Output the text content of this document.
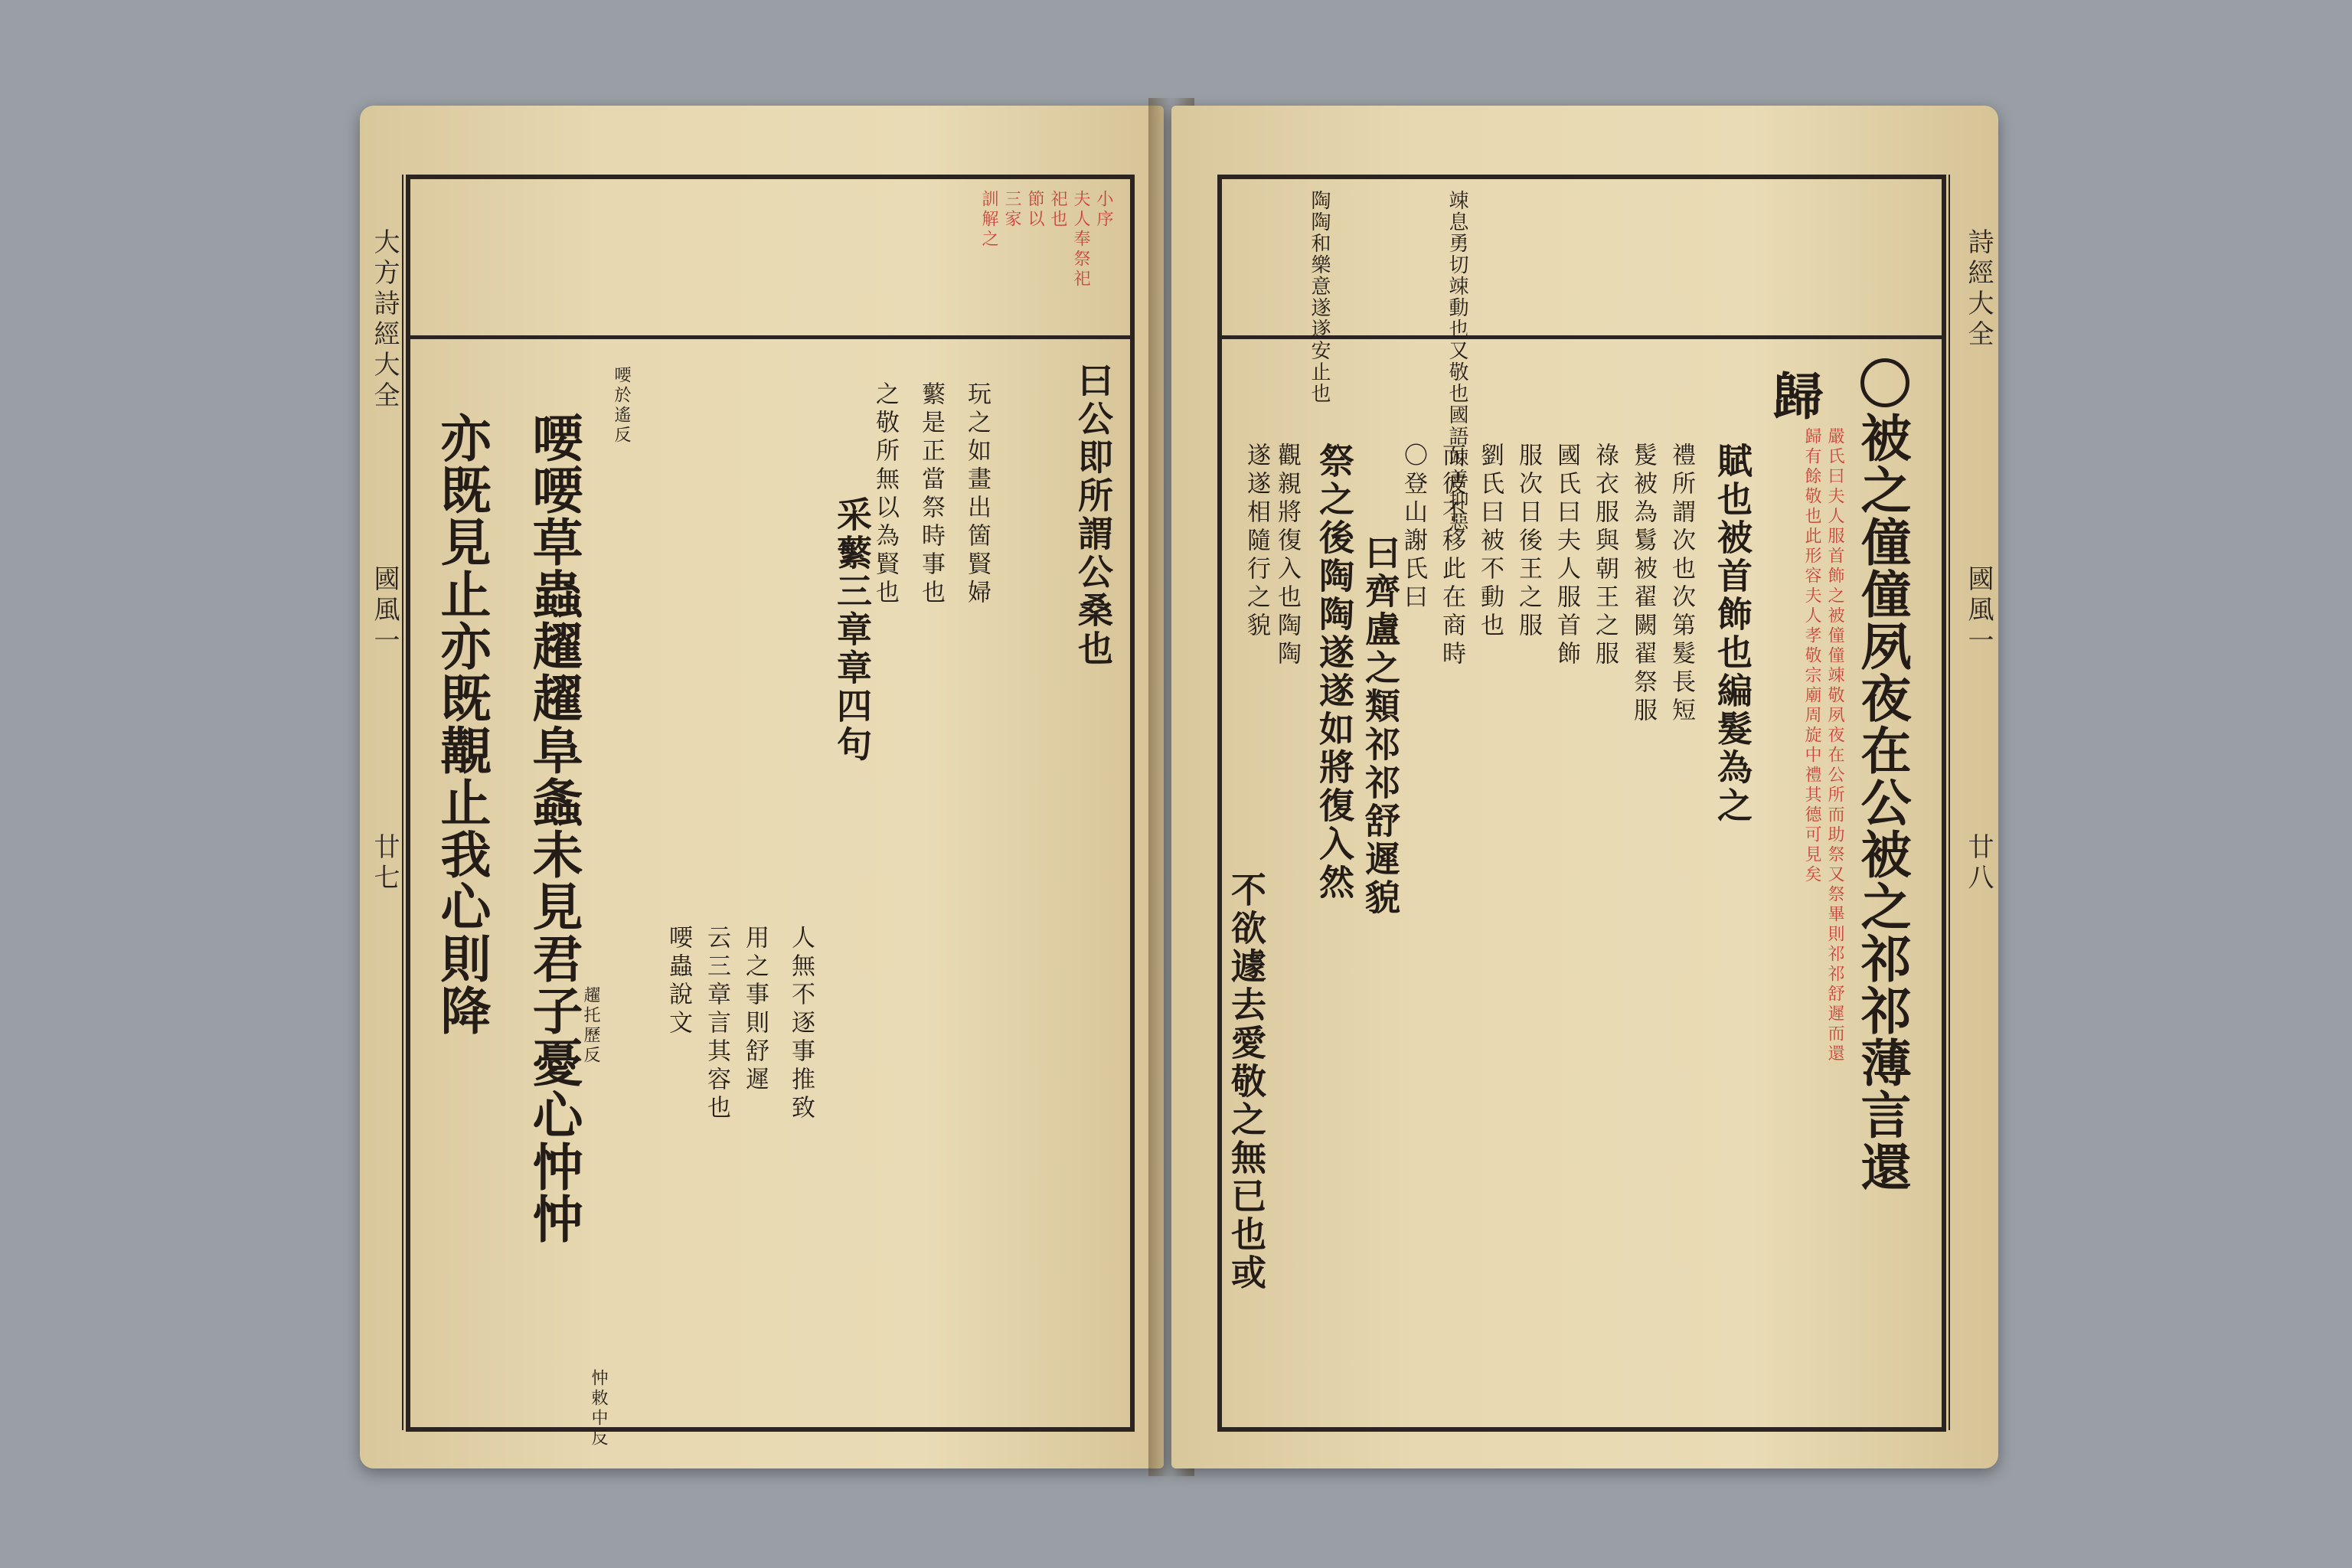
大方詩經大全
國風一
廿七
小序
夫人奉祭祀
祀也
節以
三家
訓解之
曰公即所謂公桑也
采蘩三章章四句
之敬所無以為賢也 蘩是正當祭時事也 玩之如畫出箇賢婦
人無不逐事推致
用之事則舒遲
云三章言其容也
喓蟲說文
喓於遙反
喓喓草蟲趯趯阜螽未見君子憂心忡忡
亦既見止亦既覯止我心則降	趯托歷反
忡敕中反
詩經大全
國風一
廿八
竦息勇切竦動也又敬也國語竦善抑惡
陶陶和樂意遂遂安止也
被之僮僮夙夜在公被之祁祁薄言還
歸
嚴氏曰夫人服首飾之被僮僮竦敬夙夜在公所而助祭又祭畢則祁祁舒遲而還
歸有餘敬也此形容夫人孝敬宗廟周旋中禮其德可見矣
賦也被首飾也編髮為之
禮所謂次也次第髮長短
髲被為鬄被翟闕翟祭服
祿衣服與朝王之服
國氏曰夫人服首飾
服次日後王之服
劉氏曰被不動也
而彼不移此在商時
〇登山謝氏曰
曰齊盧之類祁祁舒遲貌
祭之後陶陶遂遂如將復入然
觀親將復入也陶陶
遂遂相隨行之貌
不欲遽去愛敬之無已也或
